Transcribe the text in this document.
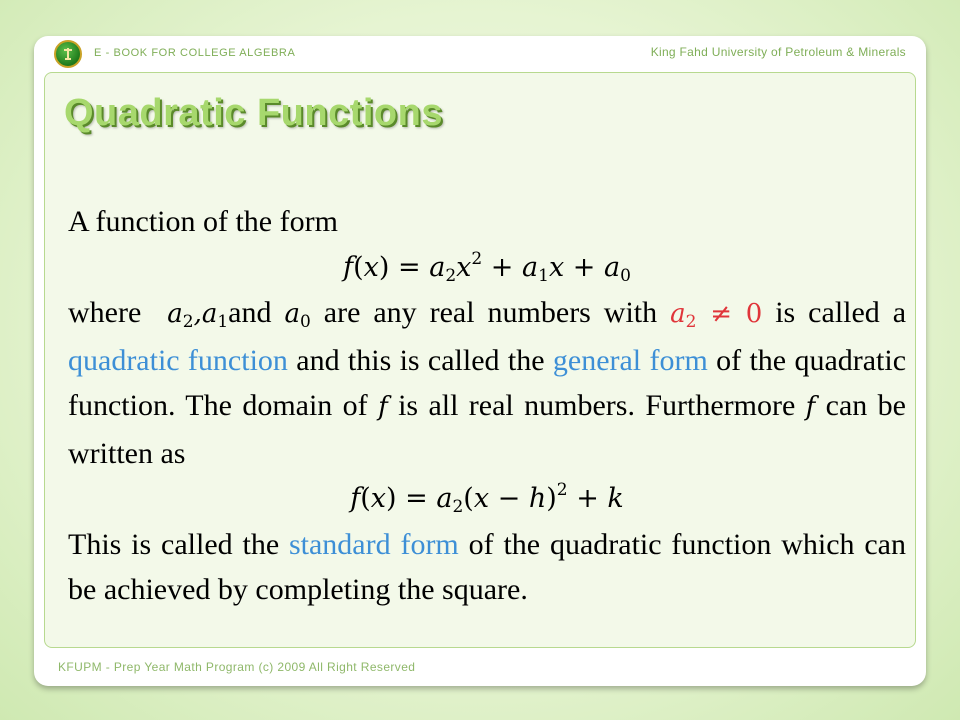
E - BOOK FOR COLLEGE ALGEBRA	King Fahd University of Petroleum & Minerals
Quadratic Functions

A function of the form

$f(x) = a_2x^2 + a_1x + a_0$

where $a_2,a_1and$ $a_0$ are any real numbers with $a_2 \ne 0$ is called a quadratic function and this is called the general form of the quadratic function. The domain of f is all real numbers. Furthermore f can be written as

$f(x) = a_2(x - h)^2 + k$

This is called the standard form of the quadratic function which can be achieved by completing the square.

KFUPM - Prep Year Math Program (c) 2009 All Right Reserved
